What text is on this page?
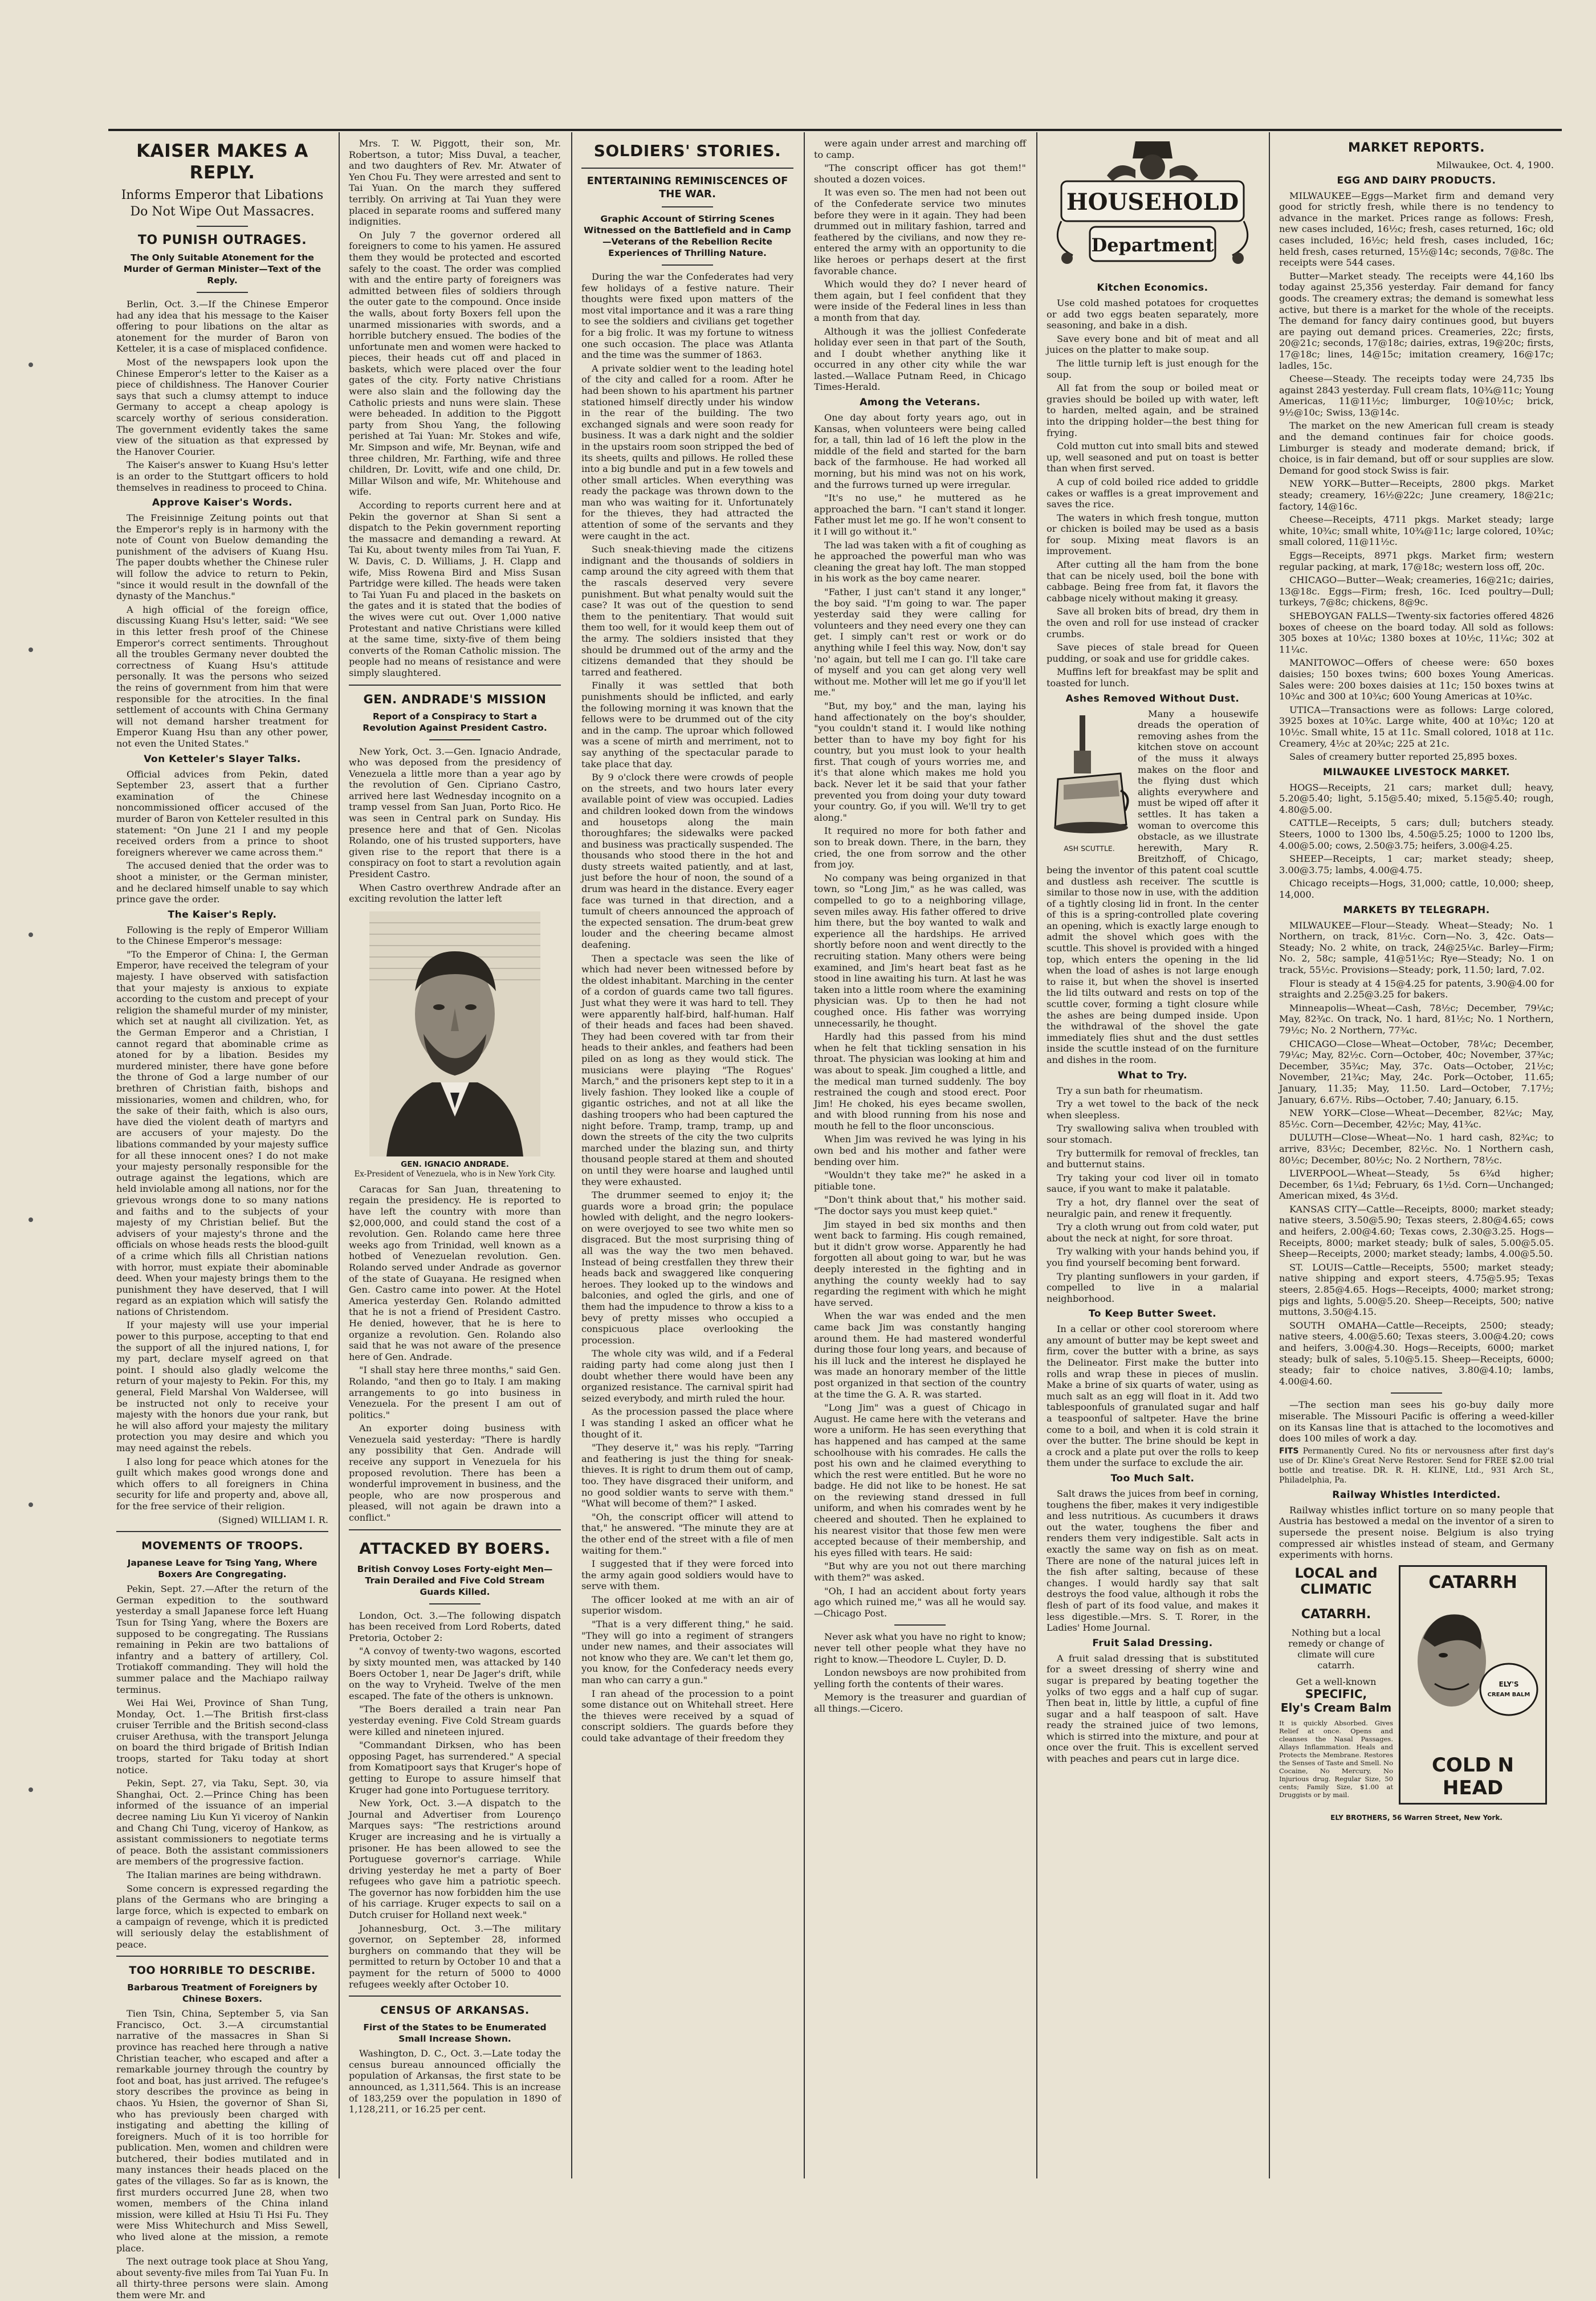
KAISER MAKES A REPLY.
Informs Emperor that Libations Do Not Wipe Out Massacres.
TO PUNISH OUTRAGES.
The Only Suitable Atonement for the Murder of German Minister—Text of the Reply.

Berlin, Oct. 3.—If the Chinese Emperor had any idea that his message to the Kaiser offering to pour libations on the altar as atonement for the murder of Baron von Ketteler, it is a case of misplaced confidence.

Most of the newspapers look upon the Chinese Emperor's letter to the Kaiser as a piece of childishness. The Hanover Courier says that such a clumsy attempt to induce Germany to accept a cheap apology is scarcely worthy of serious consideration. The government evidently takes the same view of the situation as that expressed by the Hanover Courier.

The Kaiser's answer to Kuang Hsu's letter is an order to the Stuttgart officers to hold themselves in readiness to proceed to China.

Approve Kaiser's Words.

The Freisinnige Zeitung points out that the Emperor's reply is in harmony with the note of Count von Buelow demanding the punishment of the advisers of Kuang Hsu. The paper doubts whether the Chinese ruler will follow the advice to return to Pekin, "since it would result in the downfall of the dynasty of the Manchus."

A high official of the foreign office, discussing Kuang Hsu's letter, said: "We see in this letter fresh proof of the Chinese Emperor's correct sentiments. Throughout all the troubles Germany never doubted the correctness of Kuang Hsu's attitude personally. It was the persons who seized the reins of government from him that were responsible for the atrocities. In the final settlement of accounts with China Germany will not demand harsher treatment for Emperor Kuang Hsu than any other power, not even the United States."

Von Ketteler's Slayer Talks.

Official advices from Pekin, dated September 23, assert that a further examination of the Chinese noncommissioned officer accused of the murder of Baron von Ketteler resulted in this statement: "On June 21 I and my people received orders from a prince to shoot foreigners wherever we came across them."

The accused denied that the order was to shoot a minister, or the German minister, and he declared himself unable to say which prince gave the order.

The Kaiser's Reply.

Following is the reply of Emperor William to the Chinese Emperor's message:

"To the Emperor of China: I, the German Emperor, have received the telegram of your majesty. I have observed with satisfaction that your majesty is anxious to expiate according to the custom and precept of your religion the shameful murder of my minister, which set at naught all civilization. Yet, as the German Emperor and a Christian, I cannot regard that abominable crime as atoned for by a libation. Besides my murdered minister, there have gone before the throne of God a large number of our brethren of Christian faith, bishops and missionaries, women and children, who, for the sake of their faith, which is also ours, have died the violent death of martyrs and are accusers of your majesty. Do the libations commanded by your majesty suffice for all these innocent ones? I do not make your majesty personally responsible for the outrage against the legations, which are held inviolable among all nations, nor for the grievous wrongs done to so many nations and faiths and to the subjects of your majesty of my Christian belief. But the advisers of your majesty's throne and the officials on whose heads rests the blood-guilt of a crime which fills all Christian nations with horror, must expiate their abominable deed. When your majesty brings them to the punishment they have deserved, that I will regard as an expiation which will satisfy the nations of Christendom.

If your majesty will use your imperial power to this purpose, accepting to that end the support of all the injured nations, I, for my part, declare myself agreed on that point. I should also gladly welcome the return of your majesty to Pekin. For this, my general, Field Marshal Von Waldersee, will be instructed not only to receive your majesty with the honors due your rank, but he will also afford your majesty the military protection you may desire and which you may need against the rebels.

I also long for peace which atones for the guilt which makes good wrongs done and which offers to all foreigners in China security for life and property and, above all, for the free service of their religion.

(Signed) WILLIAM I. R.

MOVEMENTS OF TROOPS.
Japanese Leave for Tsing Yang, Where Boxers Are Congregating.

Pekin, Sept. 27.—After the return of the German expedition to the southward yesterday a small Japanese force left Huang Tsun for Tsing Yang, where the Boxers are supposed to be congregating. The Russians remaining in Pekin are two battalions of infantry and a battery of artillery, Col. Trotiakoff commanding. They will hold the summer palace and the Machiapo railway terminus.

Wei Hai Wei, Province of Shan Tung, Monday, Oct. 1.—The British first-class cruiser Terrible and the British second-class cruiser Arethusa, with the transport Jelunga on board the third brigade of British Indian troops, started for Taku today at short notice.

Pekin, Sept. 27, via Taku, Sept. 30, via Shanghai, Oct. 2.—Prince Ching has been informed of the issuance of an imperial decree naming Liu Kun Yi viceroy of Nankin and Chang Chi Tung, viceroy of Hankow, as assistant commissioners to negotiate terms of peace. Both the assistant commissioners are members of the progressive faction.

The Italian marines are being withdrawn.

Some concern is expressed regarding the plans of the Germans who are bringing a large force, which is expected to embark on a campaign of revenge, which it is predicted will seriously delay the establishment of peace.

TOO HORRIBLE TO DESCRIBE.
Barbarous Treatment of Foreigners by Chinese Boxers.

Tien Tsin, China, September 5, via San Francisco, Oct. 3.—A circumstantial narrative of the massacres in Shan Si province has reached here through a native Christian teacher, who escaped and after a remarkable journey through the country by foot and boat, has just arrived. The refugee's story describes the province as being in chaos. Yu Hsien, the governor of Shan Si, who has previously been charged with instigating and abetting the killing of foreigners. Much of it is too horrible for publication. Men, women and children were butchered, their bodies mutilated and in many instances their heads placed on the gates of the villages. So far as is known, the first murders occurred June 28, when two women, members of the China inland mission, were killed at Hsiu Ti Hsi Fu. They were Miss Whitechurch and Miss Sewell, who lived alone at the mission, a remote place.

The next outrage took place at Shou Yang, about seventy-five miles from Tai Yuan Fu. In all thirty-three persons were slain. Among them were Mr. and

Mrs. T. W. Piggott, their son, Mr. Robertson, a tutor; Miss Duval, a teacher, and two daughters of Rev. Mr. Atwater of Yen Chou Fu. They were arrested and sent to Tai Yuan. On the march they suffered terribly. On arriving at Tai Yuan they were placed in separate rooms and suffered many indignities.

On July 7 the governor ordered all foreigners to come to his yamen. He assured them they would be protected and escorted safely to the coast. The order was complied with and the entire party of foreigners was admitted between files of soldiers through the outer gate to the compound. Once inside the walls, about forty Boxers fell upon the unarmed missionaries with swords, and a horrible butchery ensued. The bodies of the unfortunate men and women were hacked to pieces, their heads cut off and placed in baskets, which were placed over the four gates of the city. Forty native Christians were also slain and the following day the Catholic priests and nuns were slain. These were beheaded. In addition to the Piggott party from Shou Yang, the following perished at Tai Yuan: Mr. Stokes and wife, Mr. Simpson and wife, Mr. Beynan, wife and three children, Mr. Farthing, wife and three children, Dr. Lovitt, wife and one child, Dr. Millar Wilson and wife, Mr. Whitehouse and wife.

According to reports current here and at Pekin the governor at Shan Si sent a dispatch to the Pekin government reporting the massacre and demanding a reward. At Tai Ku, about twenty miles from Tai Yuan, F. W. Davis, C. D. Williams, J. H. Clapp and wife, Miss Rowena Bird and Miss Susan Partridge were killed. The heads were taken to Tai Yuan Fu and placed in the baskets on the gates and it is stated that the bodies of the wives were cut out. Over 1,000 native Protestant and native Christians were killed at the same time, sixty-five of them being converts of the Roman Catholic mission. The people had no means of resistance and were simply slaughtered.

GEN. ANDRADE'S MISSION
Report of a Conspiracy to Start a Revolution Against President Castro.

New York, Oct. 3.—Gen. Ignacio Andrade, who was deposed from the presidency of Venezuela a little more than a year ago by the revolution of Gen. Cipriano Castro, arrived here last Wednesday incognito on a tramp vessel from San Juan, Porto Rico. He was seen in Central park on Sunday. His presence here and that of Gen. Nicolas Rolando, one of his trusted supporters, have given rise to the report that there is a conspiracy on foot to start a revolution again President Castro.

When Castro overthrew Andrade after an exciting revolution the latter left

GEN. IGNACIO ANDRADE.
Ex-President of Venezuela, who is in New York City.

Caracas for San Juan, threatening to regain the presidency. He is reported to have left the country with more than $2,000,000, and could stand the cost of a revolution. Gen. Rolando came here three weeks ago from Trinidad, well known as a hotbed of Venezuelan revolution. Gen. Rolando served under Andrade as governor of the state of Guayana. He resigned when Gen. Castro came into power. At the Hotel America yesterday Gen. Rolando admitted that he is not a friend of President Castro. He denied, however, that he is here to organize a revolution. Gen. Rolando also said that he was not aware of the presence here of Gen. Andrade.

"I shall stay here three months," said Gen. Rolando, "and then go to Italy. I am making arrangements to go into business in Venezuela. For the present I am out of politics."

An exporter doing business with Venezuela said yesterday: "There is hardly any possibility that Gen. Andrade will receive any support in Venezuela for his proposed revolution. There has been a wonderful improvement in business, and the people, who are now prosperous and pleased, will not again be drawn into a conflict."

ATTACKED BY BOERS.
British Convoy Loses Forty-eight Men—Train Derailed and Five Cold Stream Guards Killed.

London, Oct. 3.—The following dispatch has been received from Lord Roberts, dated Pretoria, October 2:

"A convoy of twenty-two wagons, escorted by sixty mounted men, was attacked by 140 Boers October 1, near De Jager's drift, while on the way to Vryheid. Twelve of the men escaped. The fate of the others is unknown.

"The Boers derailed a train near Pan yesterday evening. Five Cold Stream guards were killed and nineteen injured.

"Commandant Dirksen, who has been opposing Paget, has surrendered." A special from Komatipoort says that Kruger's hope of getting to Europe to assure himself that Kruger had gone into Portuguese territory.

New York, Oct. 3.—A dispatch to the Journal and Advertiser from Lourenço Marques says: "The restrictions around Kruger are increasing and he is virtually a prisoner. He has been allowed to see the Portuguese governor's carriage. While driving yesterday he met a party of Boer refugees who gave him a patriotic speech. The governor has now forbidden him the use of his carriage. Kruger expects to sail on a Dutch cruiser for Holland next week."

Johannesburg, Oct. 3.—The military governor, on September 28, informed burghers on commando that they will be permitted to return by October 10 and that a payment for the return of 5000 to 4000 refugees weekly after October 10.

CENSUS OF ARKANSAS.
First of the States to be Enumerated Small Increase Shown.

Washington, D. C., Oct. 3.—Late today the census bureau announced officially the population of Arkansas, the first state to be announced, as 1,311,564. This is an increase of 183,259 over the population in 1890 of 1,128,211, or 16.25 per cent.

SOLDIERS' STORIES.
ENTERTAINING REMINISCENCES OF THE WAR.
Graphic Account of Stirring Scenes Witnessed on the Battlefield and in Camp—Veterans of the Rebellion Recite Experiences of Thrilling Nature.

During the war the Confederates had very few holidays of a festive nature. Their thoughts were fixed upon matters of the most vital importance and it was a rare thing to see the soldiers and civilians get together for a big frolic. It was my fortune to witness one such occasion. The place was Atlanta and the time was the summer of 1863.

A private soldier went to the leading hotel of the city and called for a room. After he had been shown to his apartment his partner stationed himself directly under his window in the rear of the building. The two exchanged signals and were soon ready for business. It was a dark night and the soldier in the upstairs room soon stripped the bed of its sheets, quilts and pillows. He rolled these into a big bundle and put in a few towels and other small articles. When everything was ready the package was thrown down to the man who was waiting for it. Unfortunately for the thieves, they had attracted the attention of some of the servants and they were caught in the act.

Such sneak-thieving made the citizens indignant and the thousands of soldiers in camp around the city agreed with them that the rascals deserved very severe punishment. But what penalty would suit the case? It was out of the question to send them to the penitentiary. That would suit them too well, for it would keep them out of the army. The soldiers insisted that they should be drummed out of the army and the citizens demanded that they should be tarred and feathered.

Finally it was settled that both punishments should be inflicted, and early the following morning it was known that the fellows were to be drummed out of the city and in the camp. The uproar which followed was a scene of mirth and merriment, not to say anything of the spectacular parade to take place that day.

By 9 o'clock there were crowds of people on the streets, and two hours later every available point of view was occupied. Ladies and children looked down from the windows and housetops along the main thoroughfares; the sidewalks were packed and business was practically suspended. The thousands who stood there in the hot and dusty streets waited patiently, and at last, just before the hour of noon, the sound of a drum was heard in the distance. Every eager face was turned in that direction, and a tumult of cheers announced the approach of the expected sensation. The drum-beat grew louder and the cheering became almost deafening.

Then a spectacle was seen the like of which had never been witnessed before by the oldest inhabitant. Marching in the center of a cordon of guards came two tall figures. Just what they were it was hard to tell. They were apparently half-bird, half-human. Half of their heads and faces had been shaved. They had been covered with tar from their heads to their ankles, and feathers had been piled on as long as they would stick. The musicians were playing "The Rogues' March," and the prisoners kept step to it in a lively fashion. They looked like a couple of gigantic ostriches, and not at all like the dashing troopers who had been captured the night before. Tramp, tramp, tramp, up and down the streets of the city the two culprits marched under the blazing sun, and thirty thousand people stared at them and shouted on until they were hoarse and laughed until they were exhausted.

The drummer seemed to enjoy it; the guards wore a broad grin; the populace howled with delight, and the negro lookers-on were overjoyed to see two white men so disgraced. But the most surprising thing of all was the way the two men behaved. Instead of being crestfallen they threw their heads back and swaggered like conquering heroes. They looked up to the windows and balconies, and ogled the girls, and one of them had the impudence to throw a kiss to a bevy of pretty misses who occupied a conspicuous place overlooking the procession.

The whole city was wild, and if a Federal raiding party had come along just then I doubt whether there would have been any organized resistance. The carnival spirit had seized everybody, and mirth ruled the hour.

As the procession passed the place where I was standing I asked an officer what he thought of it.

"They deserve it," was his reply. "Tarring and feathering is just the thing for sneak-thieves. It is right to drum them out of camp, too. They have disgraced their uniform, and no good soldier wants to serve with them." "What will become of them?" I asked.

"Oh, the conscript officer will attend to that," he answered. "The minute they are at the other end of the street with a file of men waiting for them."

I suggested that if they were forced into the army again good soldiers would have to serve with them.

The officer looked at me with an air of superior wisdom.

"That is a very different thing," he said. "They will go into a regiment of strangers under new names, and their associates will not know who they are. We can't let them go, you know, for the Confederacy needs every man who can carry a gun."

I ran ahead of the procession to a point some distance out on Whitehall street. Here the thieves were received by a squad of conscript soldiers. The guards before they could take advantage of their freedom they

were again under arrest and marching off to camp.

"The conscript officer has got them!" shouted a dozen voices.

It was even so. The men had not been out of the Confederate service two minutes before they were in it again. They had been drummed out in military fashion, tarred and feathered by the civilians, and now they re-entered the army with an opportunity to die like heroes or perhaps desert at the first favorable chance.

Which would they do? I never heard of them again, but I feel confident that they were inside of the Federal lines in less than a month from that day.

Although it was the jolliest Confederate holiday ever seen in that part of the South, and I doubt whether anything like it occurred in any other city while the war lasted.—Wallace Putnam Reed, in Chicago Times-Herald.

Among the Veterans.

One day about forty years ago, out in Kansas, when volunteers were being called for, a tall, thin lad of 16 left the plow in the middle of the field and started for the barn back of the farmhouse. He had worked all morning, but his mind was not on his work, and the furrows turned up were irregular.

"It's no use," he muttered as he approached the barn. "I can't stand it longer. Father must let me go. If he won't consent to it I will go without it."

The lad was taken with a fit of coughing as he approached the powerful man who was cleaning the great hay loft. The man stopped in his work as the boy came nearer.

"Father, I just can't stand it any longer," the boy said. "I'm going to war. The paper yesterday said they were calling for volunteers and they need every one they can get. I simply can't rest or work or do anything while I feel this way. Now, don't say 'no' again, but tell me I can go. I'll take care of myself and you can get along very well without me. Mother will let me go if you'll let me."

"But, my boy," and the man, laying his hand affectionately on the boy's shoulder, "you couldn't stand it. I would like nothing better than to have my boy fight for his country, but you must look to your health first. That cough of yours worries me, and it's that alone which makes me hold you back. Never let it be said that your father prevented you from doing your duty toward your country. Go, if you will. We'll try to get along."

It required no more for both father and son to break down. There, in the barn, they cried, the one from sorrow and the other from joy.

No company was being organized in that town, so "Long Jim," as he was called, was compelled to go to a neighboring village, seven miles away. His father offered to drive him there, but the boy wanted to walk and experience all the hardships. He arrived shortly before noon and went directly to the recruiting station. Many others were being examined, and Jim's heart beat fast as he stood in line awaiting his turn. At last he was taken into a little room where the examining physician was. Up to then he had not coughed once. His father was worrying unnecessarily, he thought.

Hardly had this passed from his mind when he felt that tickling sensation in his throat. The physician was looking at him and was about to speak. Jim coughed a little, and the medical man turned suddenly. The boy restrained the cough and stood erect. Poor Jim! He choked, his eyes became swollen, and with blood running from his nose and mouth he fell to the floor unconscious.

When Jim was revived he was lying in his own bed and his mother and father were bending over him.

"Wouldn't they take me?" he asked in a pitiable tone.

"Don't think about that," his mother said. "The doctor says you must keep quiet."

Jim stayed in bed six months and then went back to farming. His cough remained, but it didn't grow worse. Apparently he had forgotten all about going to war, but he was deeply interested in the fighting and in anything the county weekly had to say regarding the regiment with which he might have served.

When the war was ended and the men came back Jim was constantly hanging around them. He had mastered wonderful during those four long years, and because of his ill luck and the interest he displayed he was made an honorary member of the little post organized in that section of the country at the time the G. A. R. was started.

"Long Jim" was a guest of Chicago in August. He came here with the veterans and wore a uniform. He has seen everything that has happened and has camped at the same schoolhouse with his comrades. He calls the post his own and he claimed everything to which the rest were entitled. But he wore no badge. He did not like to be honest. He sat on the reviewing stand dressed in full uniform, and when his comrades went by he cheered and shouted. Then he explained to his nearest visitor that those few men were accepted because of their membership, and his eyes filled with tears. He said:

"But why are you not out there marching with them?" was asked.

"Oh, I had an accident about forty years ago which ruined me," was all he would say.—Chicago Post.

Never ask what you have no right to know; never tell other people what they have no right to know.—Theodore L. Cuyler, D. D.

London newsboys are now prohibited from yelling forth the contents of their wares.

Memory is the treasurer and guardian of all things.—Cicero.

HOUSEHOLD
Department
Kitchen Economics.

Use cold mashed potatoes for croquettes or add two eggs beaten separately, more seasoning, and bake in a dish.

Save every bone and bit of meat and all juices on the platter to make soup.

The little turnip left is just enough for the soup.

All fat from the soup or boiled meat or gravies should be boiled up with water, left to harden, melted again, and be strained into the dripping holder—the best thing for frying.

Cold mutton cut into small bits and stewed up, well seasoned and put on toast is better than when first served.

A cup of cold boiled rice added to griddle cakes or waffles is a great improvement and saves the rice.

The waters in which fresh tongue, mutton or chicken is boiled may be used as a basis for soup. Mixing meat flavors is an improvement.

After cutting all the ham from the bone that can be nicely used, boil the bone with cabbage. Being free from fat, it flavors the cabbage nicely without making it greasy.

Save all broken bits of bread, dry them in the oven and roll for use instead of cracker crumbs.

Save pieces of stale bread for Queen pudding, or soak and use for griddle cakes.

Muffins left for breakfast may be split and toasted for lunch.

Ashes Removed Without Dust.
ASH SCUTTLE.

Many a housewife dreads the operation of removing ashes from the kitchen stove on account of the muss it always makes on the floor and the flying dust which alights everywhere and must be wiped off after it settles. It has taken a woman to overcome this obstacle, as we illustrate herewith, Mary R. Breitzhoff, of Chicago, being the inventor of this patent coal scuttle and dustless ash receiver. The scuttle is similar to those now in use, with the addition of a tightly closing lid in front. In the center of this is a spring-controlled plate covering an opening, which is exactly large enough to admit the shovel which goes with the scuttle. This shovel is provided with a hinged top, which enters the opening in the lid when the load of ashes is not large enough to raise it, but when the shovel is inserted the lid tilts outward and rests on top of the scuttle cover, forming a tight closure while the ashes are being dumped inside. Upon the withdrawal of the shovel the gate immediately flies shut and the dust settles inside the scuttle instead of on the furniture and dishes in the room.

What to Try.

Try a sun bath for rheumatism.

Try a wet towel to the back of the neck when sleepless.

Try swallowing saliva when troubled with sour stomach.

Try buttermilk for removal of freckles, tan and butternut stains.

Try taking your cod liver oil in tomato sauce, if you want to make it palatable.

Try a hot, dry flannel over the seat of neuralgic pain, and renew it frequently.

Try a cloth wrung out from cold water, put about the neck at night, for sore throat.

Try walking with your hands behind you, if you find yourself becoming bent forward.

Try planting sunflowers in your garden, if compelled to live in a malarial neighborhood.

To Keep Butter Sweet.

In a cellar or other cool storeroom where any amount of butter may be kept sweet and firm, cover the butter with a brine, as says the Delineator. First make the butter into rolls and wrap these in pieces of muslin. Make a brine of six quarts of water, using as much salt as an egg will float in it. Add two tablespoonfuls of granulated sugar and half a teaspoonful of saltpeter. Have the brine come to a boil, and when it is cold strain it over the butter. The brine should be kept in a crock and a plate put over the rolls to keep them under the surface to exclude the air.

Too Much Salt.

Salt draws the juices from beef in corning, toughens the fiber, makes it very indigestible and less nutritious. As cucumbers it draws out the water, toughens the fiber and renders them very indigestible. Salt acts in exactly the same way on fish as on meat. There are none of the natural juices left in the fish after salting, because of these changes. I would hardly say that salt destroys the food value, although it robs the flesh of part of its food value, and makes it less digestible.—Mrs. S. T. Rorer, in the Ladies' Home Journal.

Fruit Salad Dressing.

A fruit salad dressing that is substituted for a sweet dressing of sherry wine and sugar is prepared by beating together the yolks of two eggs and a half cup of sugar. Then beat in, little by little, a cupful of fine sugar and a half teaspoon of salt. Have ready the strained juice of two lemons, which is stirred into the mixture, and pour at once over the fruit. This is excellent served with peaches and pears cut in large dice.

MARKET REPORTS.

Milwaukee, Oct. 4, 1900.

EGG AND DAIRY PRODUCTS.

MILWAUKEE—Eggs—Market firm and demand very good for strictly fresh, while there is no tendency to advance in the market. Prices range as follows: Fresh, new cases included, 16½c; fresh, cases returned, 16c; old cases included, 16½c; held fresh, cases included, 16c; held fresh, cases returned, 15½@14c; seconds, 7@8c. The receipts were 544 cases.

Butter—Market steady. The receipts were 44,160 lbs today against 25,356 yesterday. Fair demand for fancy goods. The creamery extras; the demand is somewhat less active, but there is a market for the whole of the receipts. The demand for fancy dairy continues good, but buyers are paying out demand prices. Creameries, 22c; firsts, 20@21c; seconds, 17@18c; dairies, extras, 19@20c; firsts, 17@18c; lines, 14@15c; imitation creamery, 16@17c; ladles, 15c.

Cheese—Steady. The receipts today were 24,735 lbs against 2843 yesterday. Full cream flats, 10¾@11c; Young Americas, 11@11½c; limburger, 10@10½c; brick, 9½@10c; Swiss, 13@14c.

The market on the new American full cream is steady and the demand continues fair for choice goods. Limburger is steady and moderate demand; brick, if choice, is in fair demand, but off or sour supplies are slow. Demand for good stock Swiss is fair.

NEW YORK—Butter—Receipts, 2800 pkgs. Market steady; creamery, 16½@22c; June creamery, 18@21c; factory, 14@16c.

Cheese—Receipts, 4711 pkgs. Market steady; large white, 10¾c; small white, 10¾@11c; large colored, 10¾c; small colored, 11@11½c.

Eggs—Receipts, 8971 pkgs. Market firm; western regular packing, at mark, 17@18c; western loss off, 20c.

CHICAGO—Butter—Weak; creameries, 16@21c; dairies, 13@18c. Eggs—Firm; fresh, 16c. Iced poultry—Dull; turkeys, 7@8c; chickens, 8@9c.

SHEBOYGAN FALLS—Twenty-six factories offered 4826 boxes of cheese on the board today. All sold as follows: 305 boxes at 10¼c; 1380 boxes at 10½c, 11¼c; 302 at 11¼c.

MANITOWOC—Offers of cheese were: 650 boxes daisies; 150 boxes twins; 600 boxes Young Americas. Sales were: 200 boxes daisies at 11c; 150 boxes twins at 10¾c and 300 at 10¾c; 600 Young Americas at 10¾c.

UTICA—Transactions were as follows: Large colored, 3925 boxes at 10¾c. Large white, 400 at 10¾c; 120 at 10½c. Small white, 15 at 11c. Small colored, 1018 at 11c. Creamery, 4½c at 20¾c; 225 at 21c.

Sales of creamery butter reported 25,895 boxes.

MILWAUKEE LIVESTOCK MARKET.

HOGS—Receipts, 21 cars; market dull; heavy, 5.20@5.40; light, 5.15@5.40; mixed, 5.15@5.40; rough, 4.80@5.00.

CATTLE—Receipts, 5 cars; dull; butchers steady. Steers, 1000 to 1300 lbs, 4.50@5.25; 1000 to 1200 lbs, 4.00@5.00; cows, 2.50@3.75; heifers, 3.00@4.25.

SHEEP—Receipts, 1 car; market steady; sheep, 3.00@3.75; lambs, 4.00@4.75.

Chicago receipts—Hogs, 31,000; cattle, 10,000; sheep, 14,000.

MARKETS BY TELEGRAPH.

MILWAUKEE—Flour—Steady. Wheat—Steady; No. 1 Northern, on track, 81½c. Corn—No. 3, 42c. Oats—Steady; No. 2 white, on track, 24@25¼c. Barley—Firm; No. 2, 58c; sample, 41@51½c; Rye—Steady; No. 1 on track, 55½c. Provisions—Steady; pork, 11.50; lard, 7.02.

Flour is steady at 4 15@4.25 for patents, 3.90@4.00 for straights and 2.25@3.25 for bakers.

Minneapolis—Wheat—Cash, 78½c; December, 79¼c; May, 82¾c. On track, No. 1 hard, 81½c; No. 1 Northern, 79½c; No. 2 Northern, 77¾c.

CHICAGO—Close—Wheat—October, 78¼c; December, 79¼c; May, 82½c. Corn—October, 40c; November, 37¾c; December, 35¾c; May, 37c. Oats—October, 21½c; November, 21¾c; May, 24c. Pork—October, 11.65; January, 11.35; May, 11.50. Lard—October, 7.17½; January, 6.67½. Ribs—October, 7.40; January, 6.15.

NEW YORK—Close—Wheat—December, 82¼c; May, 85½c. Corn—December, 42½c; May, 41¾c.

DULUTH—Close—Wheat—No. 1 hard cash, 82¾c; to arrive, 83½c; December, 82½c. No. 1 Northern cash, 80½c; December, 80½c; No. 2 Northern, 78½c.

LIVERPOOL—Wheat—Steady, 5s 6¾d higher; December, 6s 1¼d; February, 6s 1½d. Corn—Unchanged; American mixed, 4s 3½d.

KANSAS CITY—Cattle—Receipts, 8000; market steady; native steers, 3.50@5.90; Texas steers, 2.80@4.65; cows and heifers, 2.00@4.60; Texas cows, 2.30@3.25. Hogs—Receipts, 8000; market steady; bulk of sales, 5.00@5.05. Sheep—Receipts, 2000; market steady; lambs, 4.00@5.50.

ST. LOUIS—Cattle—Receipts, 5500; market steady; native shipping and export steers, 4.75@5.95; Texas steers, 2.85@4.65. Hogs—Receipts, 4000; market strong; pigs and lights, 5.00@5.20. Sheep—Receipts, 500; native muttons, 3.50@4.15.

SOUTH OMAHA—Cattle—Receipts, 2500; steady; native steers, 4.00@5.60; Texas steers, 3.00@4.20; cows and heifers, 3.00@4.30. Hogs—Receipts, 6000; market steady; bulk of sales, 5.10@5.15. Sheep—Receipts, 6000; steady; fair to choice natives, 3.80@4.10; lambs, 4.00@4.60.

—The section man sees his go-buy daily more miserable. The Missouri Pacific is offering a weed-killer on its Kansas line that is attached to the locomotives and does 100 miles of work a day.

FITS Permanently Cured. No fits or nervousness after first day's use of Dr. Kline's Great Nerve Restorer. Send for FREE $2.00 trial bottle and treatise. DR. R. H. KLINE, Ltd., 931 Arch St., Philadelphia, Pa.
Railway Whistles Interdicted.

Railway whistles inflict torture on so many people that Austria has bestowed a medal on the inventor of a siren to supersede the present noise. Belgium is also trying compressed air whistles instead of steam, and Germany experiments with horns.

LOCAL and CLIMATIC
CATARRH.
Nothing but a local remedy or change of climate will cure catarrh.
Get a well-known
SPECIFIC,
Ely's Cream Balm
It is quickly Absorbed. Gives Relief at once. Opens and cleanses the Nasal Passages. Allays Inflammation. Heals and Protects the Membrane. Restores the Senses of Taste and Smell. No Cocaine, No Mercury, No Injurious drug. Regular Size, 50 cents; Family Size, $1.00 at Druggists or by mail.
CATARRH
ELY'S
CREAM BALM
COLD N HEAD
ELY BROTHERS, 56 Warren Street, New York.
